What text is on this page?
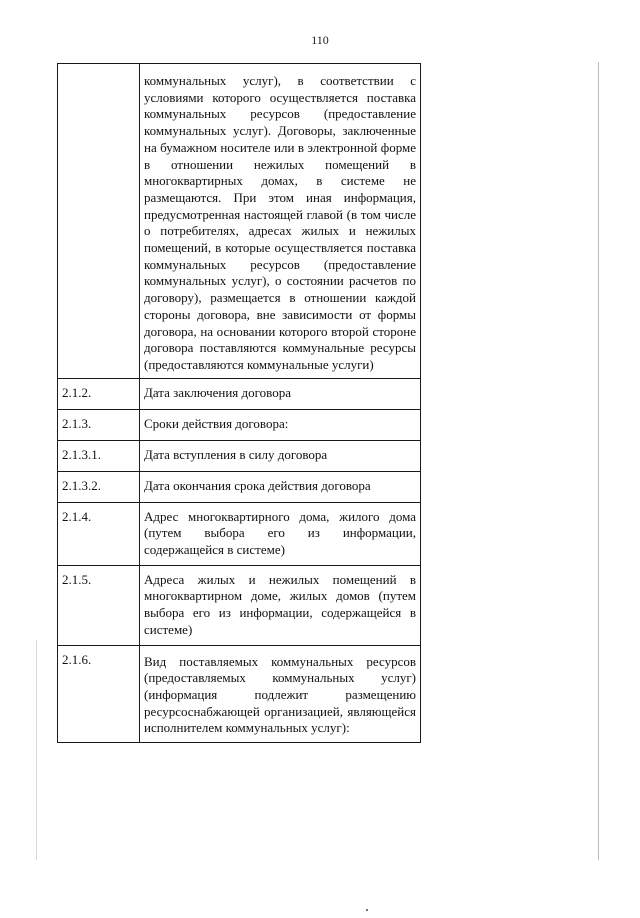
110
	коммунальных услуг), в соответствии с условиями которого осуществляется поставка коммунальных ресурсов (предоставление коммунальных услуг). Договоры, заключенные на бумажном носителе или в электронной форме в отношении нежилых помещений в многоквартирных домах, в системе не размещаются. При этом иная информация, предусмотренная настоящей главой (в том числе о потребителях, адресах жилых и нежилых помещений, в которые осуществляется поставка коммунальных ресурсов (предоставление коммунальных услуг), о состоянии расчетов по договору), размещается в отношении каждой стороны договора, вне зависимости от формы договора, на основании которого второй стороне договора поставляются коммунальные ресурсы (предоставляются коммунальные услуги)
2.1.2.	Дата заключения договора
2.1.3.	Сроки действия договора:
2.1.3.1.	Дата вступления в силу договора
2.1.3.2.	Дата окончания срока действия договора
2.1.4.	Адрес многоквартирного дома, жилого дома (путем выбора его из информации, содержащейся в системе)
2.1.5.	Адреса жилых и нежилых помещений в многоквартирном доме, жилых домов (путем выбора его из информации, содержащейся в системе)
2.1.6.	Вид поставляемых коммунальных ресурсов (предоставляемых коммунальных услуг) (информация подлежит размещению ресурсоснабжающей организацией, являющейся исполнителем коммунальных услуг):
